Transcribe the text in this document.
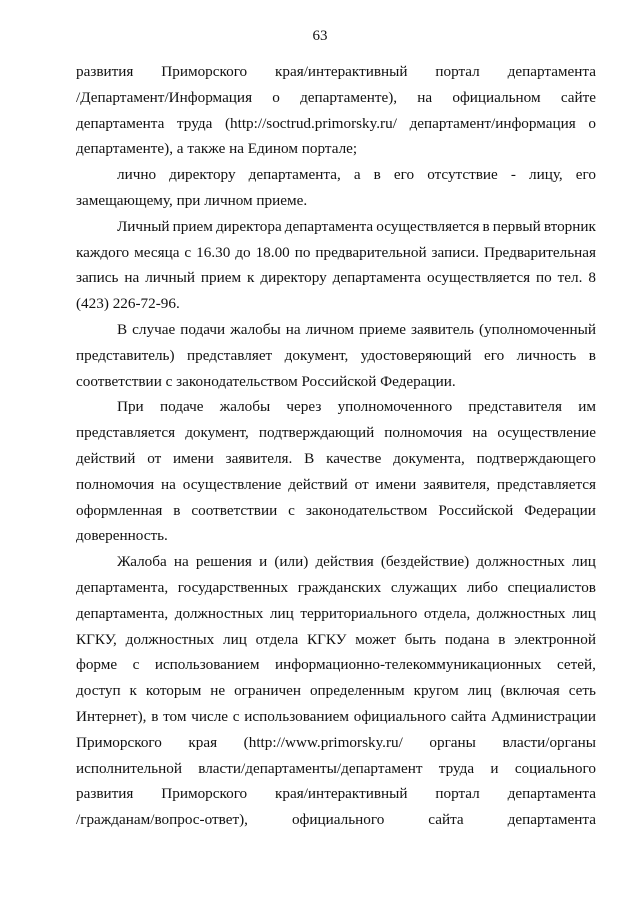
63
развития Приморского края/интерактивный портал департамента
/Департамент/Информация о департаменте), на официальном сайте
департамента труда (http://soctrud.primorsky.ru/ департамент/информация о
департаменте), а также на Едином портале;
лично директору департамента, а в его отсутствие - лицу, его
замещающему, при личном приеме.
Личный прием директора департамента осуществляется в первый вторник
каждого месяца с 16.30 до 18.00 по предварительной записи. Предварительная
запись на личный прием к директору департамента осуществляется по тел. 8
(423) 226-72-96.
В случае подачи жалобы на личном приеме заявитель (уполномоченный
представитель) представляет документ, удостоверяющий его личность в
соответствии с законодательством Российской Федерации.
При подаче жалобы через уполномоченного представителя им
представляется документ, подтверждающий полномочия на осуществление
действий от имени заявителя. В качестве документа, подтверждающего
полномочия на осуществление действий от имени заявителя, представляется
оформленная в соответствии с законодательством Российской Федерации
доверенность.
Жалоба на решения и (или) действия (бездействие) должностных лиц
департамента, государственных гражданских служащих либо специалистов
департамента, должностных лиц территориального отдела, должностных лиц
КГКУ, должностных лиц отдела КГКУ может быть подана в электронной
форме с использованием информационно-телекоммуникационных сетей,
доступ к которым не ограничен определенным кругом лиц (включая сеть
Интернет), в том числе с использованием официального сайта Администрации
Приморского края (http://www.primorsky.ru/ органы власти/органы
исполнительной власти/департаменты/департамент труда и социального
развития Приморского края/интерактивный портал департамента
/гражданам/вопрос-ответ),	официального	сайта	департамента
